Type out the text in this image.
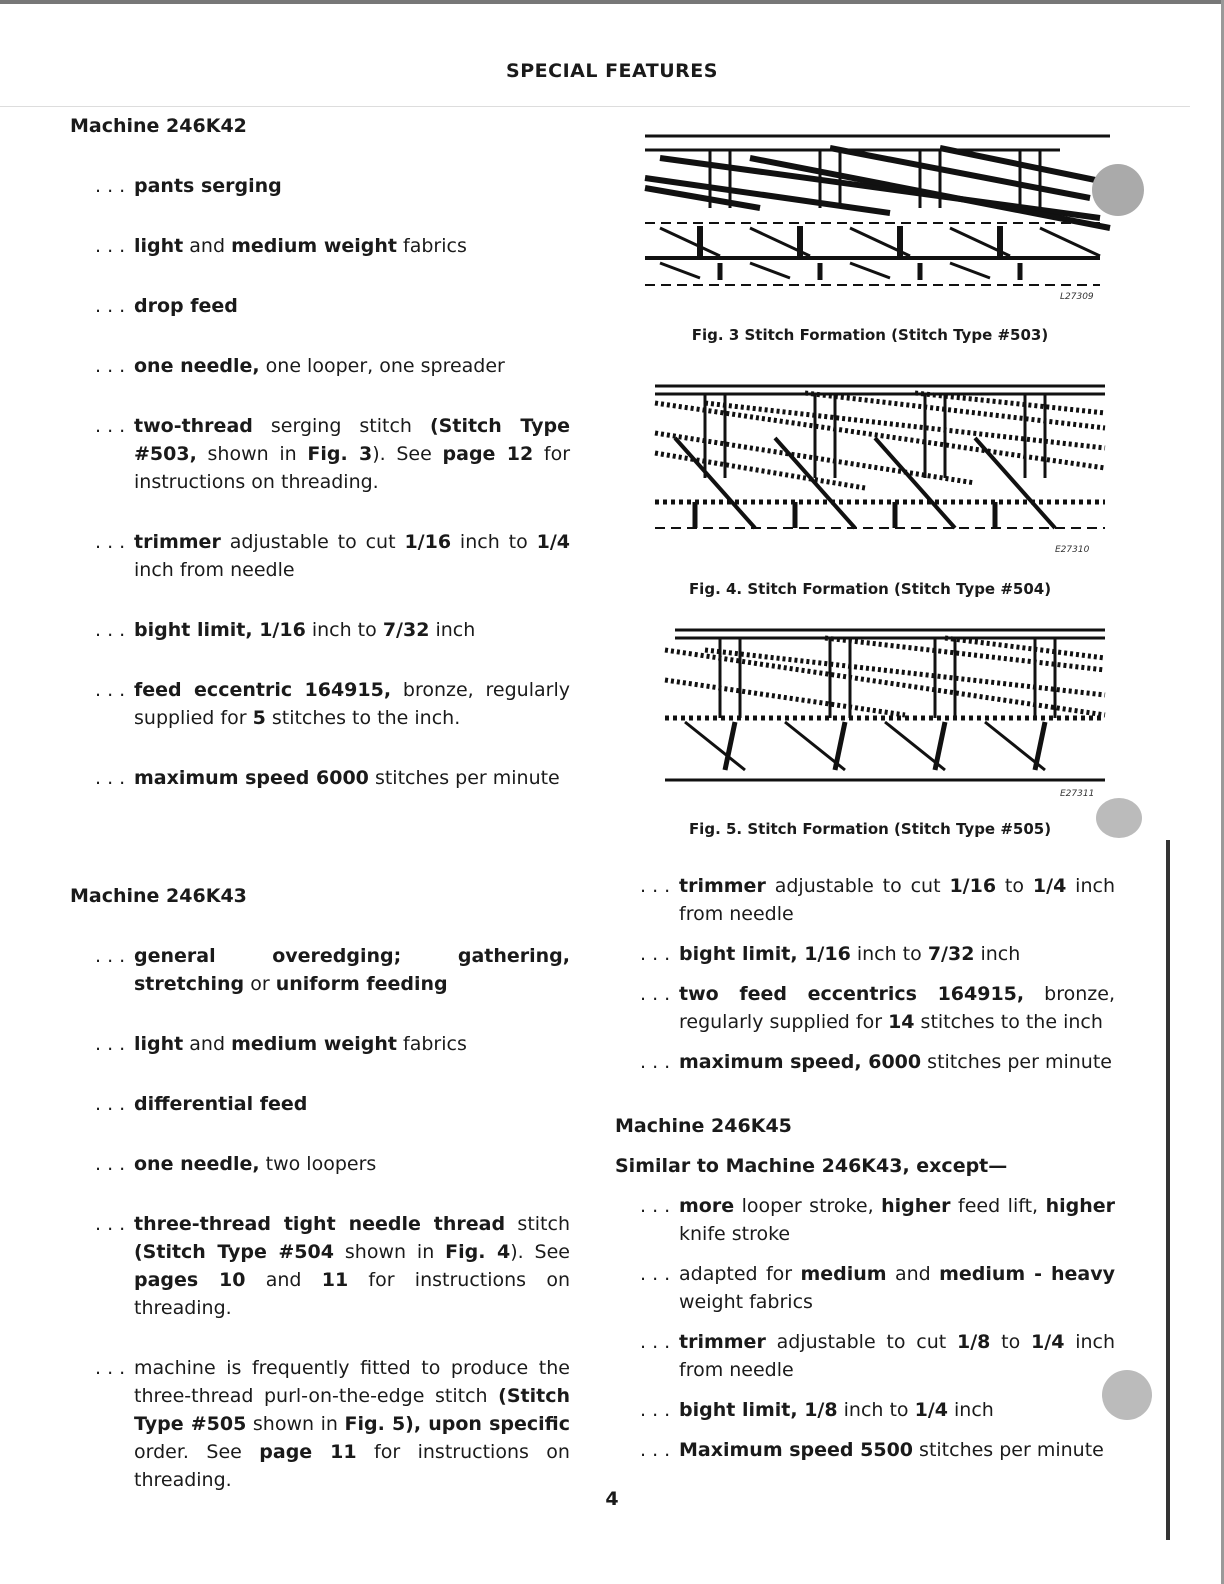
SPECIAL FEATURES
Machine 246K42
. . . pants serging
. . . light and medium weight fabrics
. . . drop feed
. . . one needle, one looper, one spreader
. . . two-thread serging stitch (Stitch Type #503, shown in Fig. 3). See page 12 for instructions on threading.
. . . trimmer adjustable to cut 1/16 inch to 1/4 inch from needle
. . . bight limit, 1/16 inch to 7/32 inch
. . . feed eccentric 164915, bronze, regularly supplied for 5 stitches to the inch.
. . . maximum speed 6000 stitches per minute
Machine 246K43
. . . general overedging; gathering, stretching or uniform feeding
. . . light and medium weight fabrics
. . . differential feed
. . . one needle, two loopers
. . . three-thread tight needle thread stitch (Stitch Type #504 shown in Fig. 4). See pages 10 and 11 for instructions on threading.
. . . machine is frequently fitted to produce the three-thread purl-on-the-edge stitch (Stitch Type #505 shown in Fig. 5), upon specific order. See page 11 for instructions on threading.
. . . trimmer adjustable to cut 1/16 to 1/4 inch from needle
. . . bight limit, 1/16 inch to 7/32 inch
. . . two feed eccentrics 164915, bronze, regularly supplied for 14 stitches to the inch
. . . maximum speed, 6000 stitches per minute
Machine 246K45
Similar to Machine 246K43, except—
. . . more looper stroke, higher feed lift, higher knife stroke
. . . adapted for medium and medium - heavy weight fabrics
. . . trimmer adjustable to cut 1/8 to 1/4 inch from needle
. . . bight limit, 1/8 inch to 1/4 inch
. . . Maximum speed 5500 stitches per minute
L27309
Fig. 3 Stitch Formation (Stitch Type #503)
E27310
Fig. 4. Stitch Formation (Stitch Type #504)
E27311
Fig. 5. Stitch Formation (Stitch Type #505)
4
